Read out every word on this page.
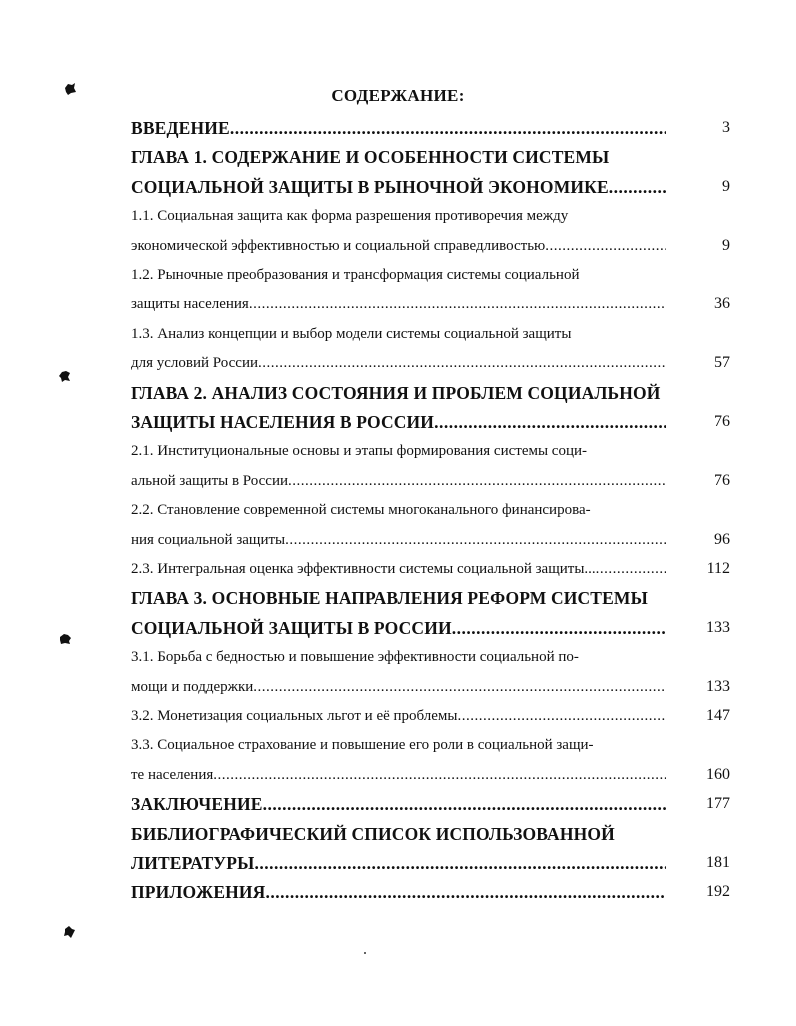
СОДЕРЖАНИЕ:
ВВЕДЕНИЕ .....	3
ГЛАВА 1. СОДЕРЖАНИЕ И ОСОБЕННОСТИ СИСТЕМЫ
СОЦИАЛЬНОЙ ЗАЩИТЫ В РЫНОЧНОЙ ЭКОНОМИКЕ .....	9
1.1. Социальная защита как форма разрешения противоречия между
экономической эффективностью и социальной справедливостью .....	9
1.2. Рыночные преобразования и трансформация системы социальной
защиты населения .....	36
1.3. Анализ концепции и выбор модели системы социальной защиты
для условий России .....	57
ГЛАВА 2. АНАЛИЗ СОСТОЯНИЯ И ПРОБЛЕМ СОЦИАЛЬНОЙ
ЗАЩИТЫ НАСЕЛЕНИЯ В РОССИИ .....	76
2.1. Институциональные основы и этапы формирования системы соци-
альной защиты в России .....	76
2.2. Становление современной системы многоканального финансирова-
ния социальной защиты .....	96
2.3. Интегральная оценка эффективности системы социальной защиты... .....	112
ГЛАВА 3. ОСНОВНЫЕ НАПРАВЛЕНИЯ РЕФОРМ СИСТЕМЫ
СОЦИАЛЬНОЙ ЗАЩИТЫ В РОССИИ .....	133
3.1. Борьба с бедностью и повышение эффективности социальной по-
мощи и поддержки .....	133
3.2. Монетизация социальных льгот и её проблемы .....	147
3.3. Социальное страхование и повышение его роли в социальной защи-
те населения .....	160
ЗАКЛЮЧЕНИЕ .....	177
БИБЛИОГРАФИЧЕСКИЙ СПИСОК ИСПОЛЬЗОВАННОЙ
ЛИТЕРАТУРЫ .....	181
ПРИЛОЖЕНИЯ .....	192
